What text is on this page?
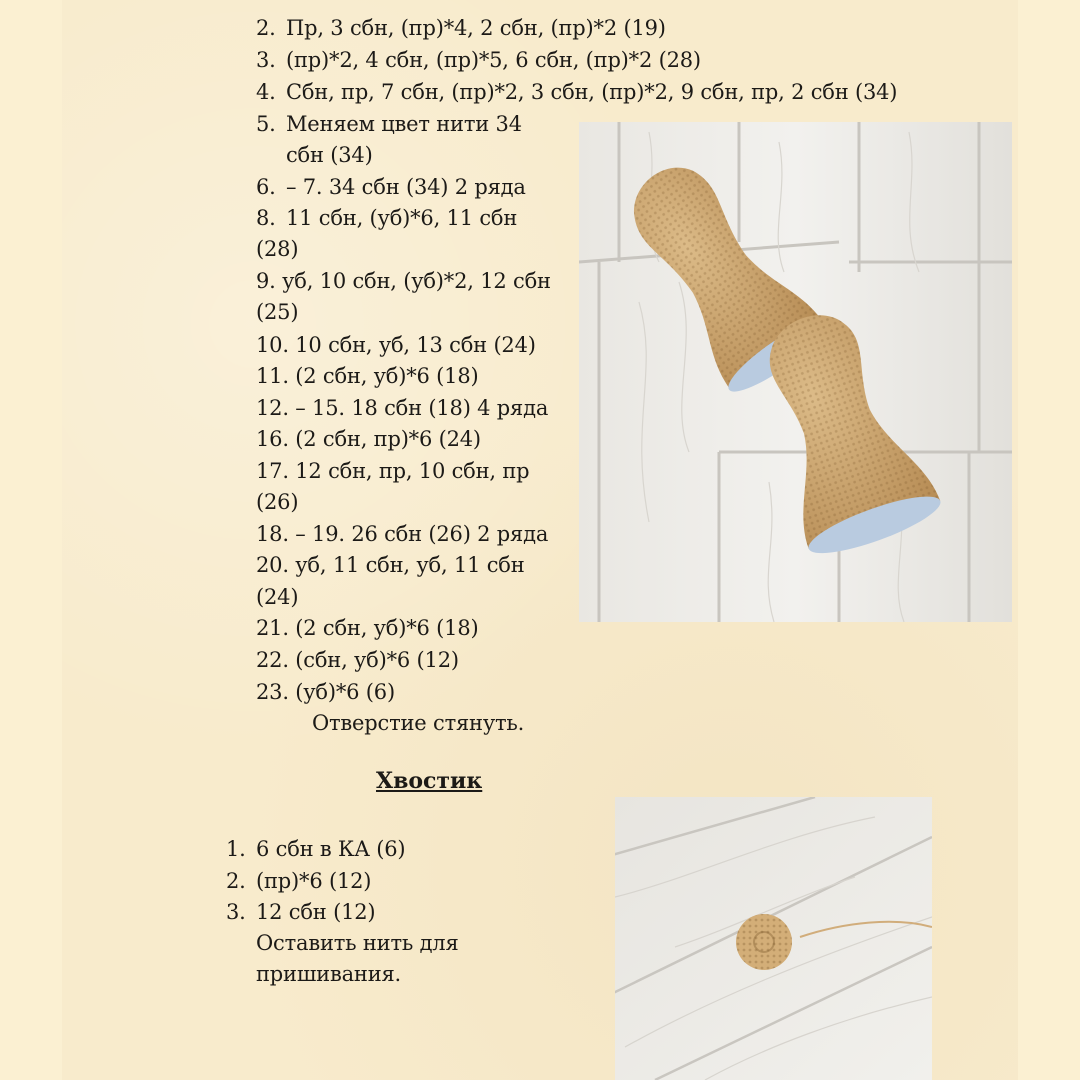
2. Пр, 3 сбн, (пр)*4, 2 сбн, (пр)*2 (19)
3. (пр)*2, 4 сбн, (пр)*5, 6 сбн, (пр)*2 (28)
4. Сбн, пр, 7 сбн, (пр)*2, 3 сбн, (пр)*2, 9 сбн, пр, 2 сбн (34)
5. Меняем цвет нити 34
сбн (34)
6. – 7. 34 сбн (34) 2 ряда
8. 11 сбн, (уб)*6, 11 сбн
(28)
9. уб, 10 сбн, (уб)*2, 12 сбн
(25)
10. 10 сбн, уб, 13 сбн (24)
11. (2 сбн, уб)*6 (18)
12. – 15. 18 сбн (18) 4 ряда
16. (2 сбн, пр)*6 (24)
17. 12 сбн, пр, 10 сбн, пр
(26)
18. – 19. 26 сбн (26) 2 ряда
20. уб, 11 сбн, уб, 11 сбн
(24)
21. (2 сбн, уб)*6 (18)
22. (сбн, уб)*6 (12)
23. (уб)*6 (6)
Отверстие стянуть.
Хвостик
1. 6 сбн в КА (6)
2. (пр)*6 (12)
3. 12 сбн (12)
Оставить нить для
пришивания.
